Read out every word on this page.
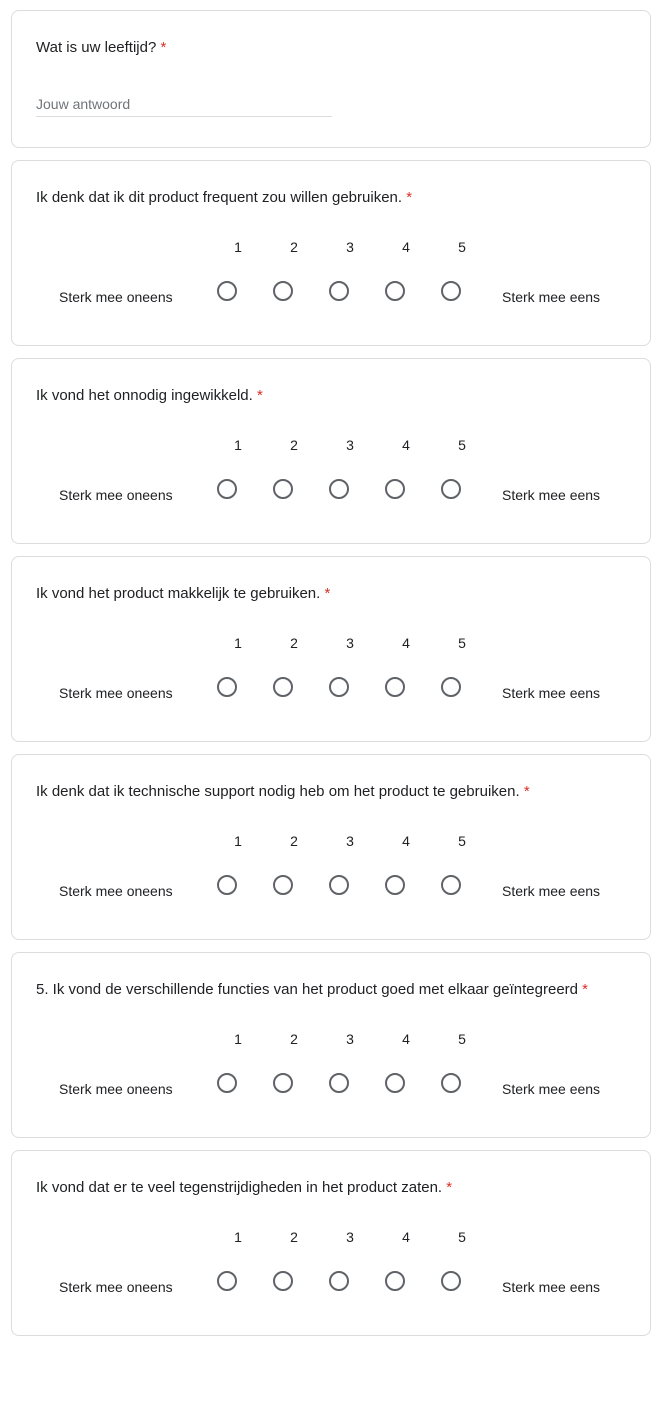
Wat is uw leeftijd? *
Jouw antwoord
Ik denk dat ik dit product frequent zou willen gebruiken. *
Sterk mee oneens
1	2	3	4	5
Sterk mee eens
Ik vond het onnodig ingewikkeld. *
Sterk mee oneens
1	2	3	4	5
Sterk mee eens
Ik vond het product makkelijk te gebruiken. *
Sterk mee oneens
1	2	3	4	5
Sterk mee eens
Ik denk dat ik technische support nodig heb om het product te gebruiken. *
Sterk mee oneens
1	2	3	4	5
Sterk mee eens
5. Ik vond de verschillende functies van het product goed met elkaar geïntegreerd *
Sterk mee oneens
1	2	3	4	5
Sterk mee eens
Ik vond dat er te veel tegenstrijdigheden in het product zaten. *
Sterk mee oneens
1	2	3	4	5
Sterk mee eens
